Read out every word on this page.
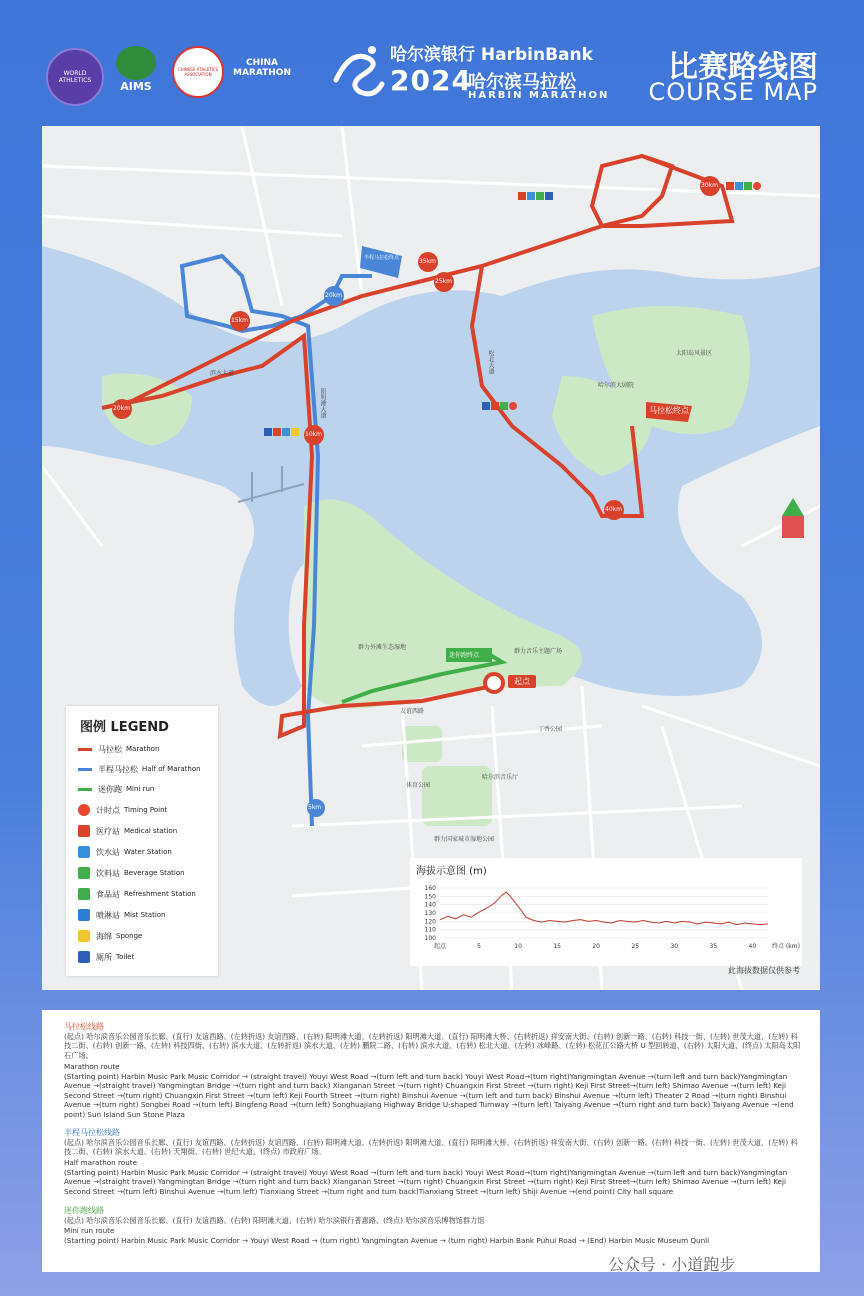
WORLD ATHLETICS	AIMS
CHINESE ATHLETICS ASSOCIATION
CHINA MARATHON
哈尔滨银行 HarbinBank
2024
哈尔滨马拉松
HARBIN MARATHON
比赛路线图
COURSE MAP
起点
马拉松终点
半程马拉松终点
迷你跑终点
太阳岛风景区
哈尔滨大剧院
群力外滩生态湿地
群力音乐主题广场
群力国家城市湿地公园
阳明滩大道
友谊西路
滨水大道	松北大道
哈尔滨音乐厅
丁香公园
体育公园
5km
10km
15km
20km
25km
30km
35km
40km
20km
图例 LEGEND
马拉松 Marathon
半程马拉松 Half of Marathon
迷你跑 Mini run
计时点 Timing Point
医疗站 Medical station
饮水站 Water Station
饮料站 Beverage Station
食品站 Refreshment Station
喷淋站 Mist Station
海绵 Sponge
厕所 Toilet
海拔示意图 (m)
160
150
140
130
120
110
100
起点	5	10	15	20	25	30	35	40	终点 (km)
此海拔数据仅供参考
马拉松线路
(起点) 哈尔滨音乐公园音乐长廊、(直行) 友谊西路、(左转折返) 友谊西路、(右转) 阳明滩大道、(左转折返) 阳明滩大道、(直行) 阳明滩大桥、(右转折返) 祥安南大街、(右转) 创新一路、(右转) 科技一街、(左转) 世茂大道、(左转) 科技二街、(右转) 创新一路、(左转) 科技四街、(右转) 滨水大道、(左转折返) 滨水大道、(左转) 鹏院二路、(右转) 滨水大道、(右转) 松北大道、(左转) 冰峰路、(左转) 松花江公路大桥 U 型回转道、(右转) 太阳大道、(终点) 太阳岛太阳石广场。
Marathon route
(Starting point) Harbin Music Park Music Corridor → (straight travel) Youyi West Road →(turn left and turn back) Youyi West Road→(turn right)Yangmingtan Avenue →(turn left and turn back)Yangmingtan Avenue →(straight travel) Yangmingtan Bridge →(turn right and turn back) Xianganan Street →(turn right) Chuangxin First Street →(turn right) Keji First Street→(turn left) Shimao Avenue →(turn left) Keji Second Street →(turn right) Chuangxin First Street →(turn left) Keji Fourth Street →(turn right) Binshui Avenue →(turn left and turn back) Binshui Avenue →(turn left) Theater 2 Road →(turn right) Binshui Avenue →(turn right) Songbei Road →(turn left) Bingfeng Road →(turn left) Songhuajiang Highway Bridge U-shaped Turnway →(turn left) Taiyang Avenue →(turn right and turn back) Taiyang Avenue →(end point) Sun Island Sun Stone Plaza
半程马拉松线路
(起点) 哈尔滨音乐公园音乐长廊、(直行) 友谊西路、(左转折返) 友谊西路、(右转) 阳明滩大道、(左转折返) 阳明滩大道、(直行) 阳明滩大桥、(右转折返) 祥安南大街、(右转) 创新一路、(右转) 科技一街、(左转) 世茂大道、(左转) 科技二街、(右转) 滨水大道、(右转) 天翔街、(右转) 世纪大道、(终点) 市政府广场。
Half marathon route
(Starting point) Harbin Music Park Music Corridor → (straight travel) Youyi West Road →(turn left and turn back) Youyi West Road→(turn right)Yangmingtan Avenue →(turn left and turn back)Yangmingtan Avenue →(straight travel) Yangmingtan Bridge →(turn right and turn back) Xianganan Street →(turn right) Chuangxin First Street →(turn right) Keji First Street→(turn left) Shimao Avenue →(turn left) Keji Second Street →(turn left) Binshui Avenue →(turn left) Tianxiang Street →(turn right and turn back)Tianxiang Street →(turn left) Shiji Avenue →(end point) City hall square
迷你跑线路
(起点) 哈尔滨音乐公园音乐长廊、(直行) 友谊西路、(右转) 阳明滩大道、(右转) 哈尔滨银行普惠路、(终点) 哈尔滨音乐博物馆群力馆
Mini run route
(Starting point) Harbin Music Park Music Corridor → Youyi West Road → (turn right) Yangmingtan Avenue → (turn right) Harbin Bank Puhui Road → (End) Harbin Music Museum Qunli
公众号 · 小道跑步
